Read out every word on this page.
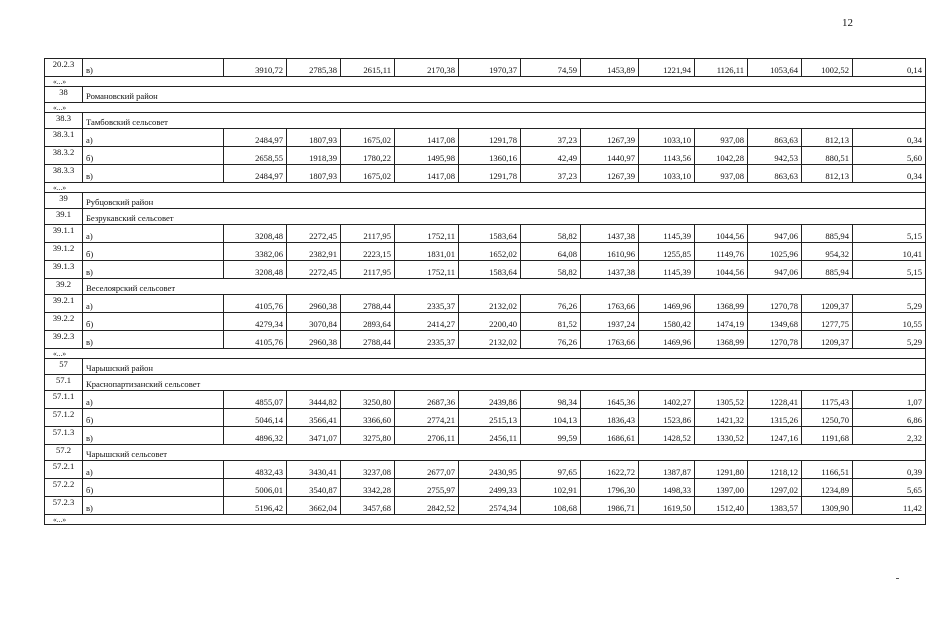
12
20.2.3	в)	3910,72	2785,38	2615,11	2170,38	1970,37	74,59	1453,89	1221,94	1126,11	1053,64	1002,52	0,14
«...»													
38	Романовский район												
«...»													
38.3	Тамбовский сельсовет												
38.3.1	а)	2484,97	1807,93	1675,02	1417,08	1291,78	37,23	1267,39	1033,10	937,08	863,63	812,13	0,34
38.3.2	б)	2658,55	1918,39	1780,22	1495,98	1360,16	42,49	1440,97	1143,56	1042,28	942,53	880,51	5,60
38.3.3	в)	2484,97	1807,93	1675,02	1417,08	1291,78	37,23	1267,39	1033,10	937,08	863,63	812,13	0,34
«...»													
39	Рубцовский район												
39.1	Безрукавский сельсовет												
39.1.1	а)	3208,48	2272,45	2117,95	1752,11	1583,64	58,82	1437,38	1145,39	1044,56	947,06	885,94	5,15
39.1.2	б)	3382,06	2382,91	2223,15	1831,01	1652,02	64,08	1610,96	1255,85	1149,76	1025,96	954,32	10,41
39.1.3	в)	3208,48	2272,45	2117,95	1752,11	1583,64	58,82	1437,38	1145,39	1044,56	947,06	885,94	5,15
39.2	Веселоярский сельсовет												
39.2.1	а)	4105,76	2960,38	2788,44	2335,37	2132,02	76,26	1763,66	1469,96	1368,99	1270,78	1209,37	5,29
39.2.2	б)	4279,34	3070,84	2893,64	2414,27	2200,40	81,52	1937,24	1580,42	1474,19	1349,68	1277,75	10,55
39.2.3	в)	4105,76	2960,38	2788,44	2335,37	2132,02	76,26	1763,66	1469,96	1368,99	1270,78	1209,37	5,29
«...»													
57	Чарышский район												
57.1	Краснопартизанский сельсовет												
57.1.1	а)	4855,07	3444,82	3250,80	2687,36	2439,86	98,34	1645,36	1402,27	1305,52	1228,41	1175,43	1,07
57.1.2	б)	5046,14	3566,41	3366,60	2774,21	2515,13	104,13	1836,43	1523,86	1421,32	1315,26	1250,70	6,86
57.1.3	в)	4896,32	3471,07	3275,80	2706,11	2456,11	99,59	1686,61	1428,52	1330,52	1247,16	1191,68	2,32
57.2	Чарышский сельсовет												
57.2.1	а)	4832,43	3430,41	3237,08	2677,07	2430,95	97,65	1622,72	1387,87	1291,80	1218,12	1166,51	0,39
57.2.2	б)	5006,01	3540,87	3342,28	2755,97	2499,33	102,91	1796,30	1498,33	1397,00	1297,02	1234,89	5,65
57.2.3	в)	5196,42	3662,04	3457,68	2842,52	2574,34	108,68	1986,71	1619,50	1512,40	1383,57	1309,90	11,42
«...»													
